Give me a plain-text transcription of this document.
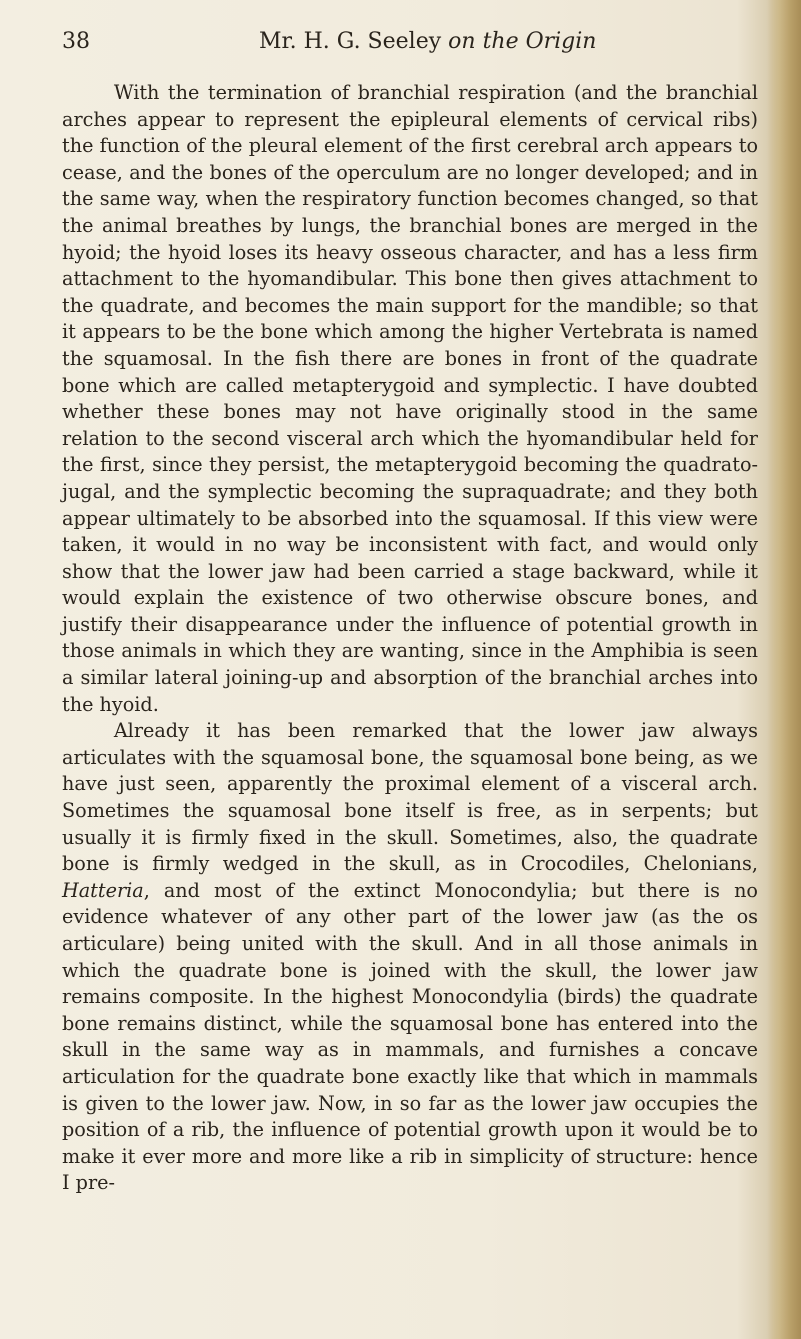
38	Mr. H. G. Seeley on the Origin

With the termination of branchial respiration (and the branchial arches appear to represent the epipleural elements of cervical ribs) the function of the pleural element of the first cerebral arch appears to cease, and the bones of the operculum are no longer developed; and in the same way, when the respiratory function becomes changed, so that the animal breathes by lungs, the branchial bones are merged in the hyoid; the hyoid loses its heavy osseous character, and has a less firm attachment to the hyomandibular. This bone then gives attachment to the quadrate, and becomes the main support for the mandible; so that it appears to be the bone which among the higher Vertebrata is named the squamosal. In the fish there are bones in front of the quadrate bone which are called metapterygoid and symplectic. I have doubted whether these bones may not have originally stood in the same relation to the second visceral arch which the hyomandibular held for the first, since they persist, the metapterygoid becoming the quadrato-jugal, and the symplectic becoming the supraquadrate; and they both appear ultimately to be absorbed into the squamosal. If this view were taken, it would in no way be inconsistent with fact, and would only show that the lower jaw had been carried a stage backward, while it would explain the existence of two otherwise obscure bones, and justify their disappearance under the influence of potential growth in those animals in which they are wanting, since in the Amphibia is seen a similar lateral joining-up and absorption of the branchial arches into the hyoid.

Already it has been remarked that the lower jaw always articulates with the squamosal bone, the squamosal bone being, as we have just seen, apparently the proximal element of a visceral arch. Sometimes the squamosal bone itself is free, as in serpents; but usually it is firmly fixed in the skull. Sometimes, also, the quadrate bone is firmly wedged in the skull, as in Crocodiles, Chelonians, Hatteria, and most of the extinct Monocondylia; but there is no evidence whatever of any other part of the lower jaw (as the os articulare) being united with the skull. And in all those animals in which the quadrate bone is joined with the skull, the lower jaw remains composite. In the highest Monocondylia (birds) the quadrate bone remains distinct, while the squamosal bone has entered into the skull in the same way as in mammals, and furnishes a concave articulation for the quadrate bone exactly like that which in mammals is given to the lower jaw. Now, in so far as the lower jaw occupies the position of a rib, the influence of potential growth upon it would be to make it ever more and more like a rib in simplicity of structure: hence I pre-
